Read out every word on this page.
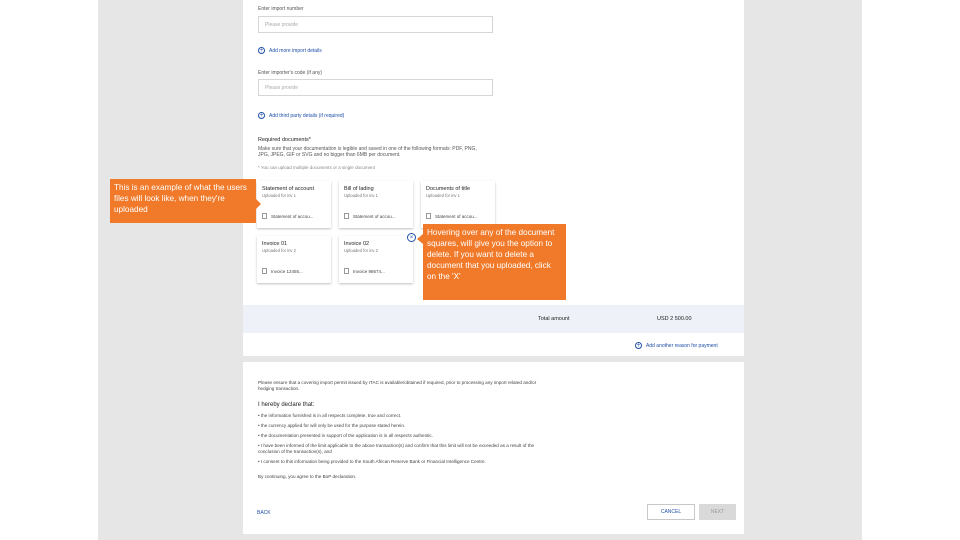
Enter import number
Please provide
+	Add more import details
Enter importer's code (if any)
Please provide
+	Add third party details (if required)
Required documents*
Make sure that your documentation is legible and saved in one of the following formats: PDF, PNG, JPG, JPEG, GIF or SVG and no bigger than 6MB per document.
* You can upload multiple documents or a single document
Statement of account
Uploaded for inv 1
Statement of accou...
Bill of lading
Uploaded for inv 1
Statement of accou...
Documents of title
Uploaded for inv 1
Statement of accou...
Invoice 01
Uploaded for inv 2
Invoice 12455...
Invoice 02
Uploaded for inv 2
Invoice 98674...
×
Total amount	USD 2 500.00
+	Add another reason for payment
Please ensure that a covering import permit issued by ITAC is available/obtained if required, prior to processing any import related and/or hedging transaction.
I hereby declare that:
• the information furnished is in all respects complete, true and correct.
• the currency applied for will only be used for the purpose stated herein.
• the documentation presented in support of the application is in all respects authentic.
• I have been informed of the limit applicable to the above transaction(s) and confirm that this limit will not be exceeded as a result of the conclusion of the transaction(s), and
• I consent to this information being provided to the South African Reserve Bank or Financial Intelligence Centre.
By continuing, you agree to the BoP declaration.
BACK	CANCEL	NEXT
This is an example of what the users files will look like, when they're uploaded
Hovering over any of the document squares, will give you the option to delete. If you want to delete a document that you uploaded, click on the 'X'
